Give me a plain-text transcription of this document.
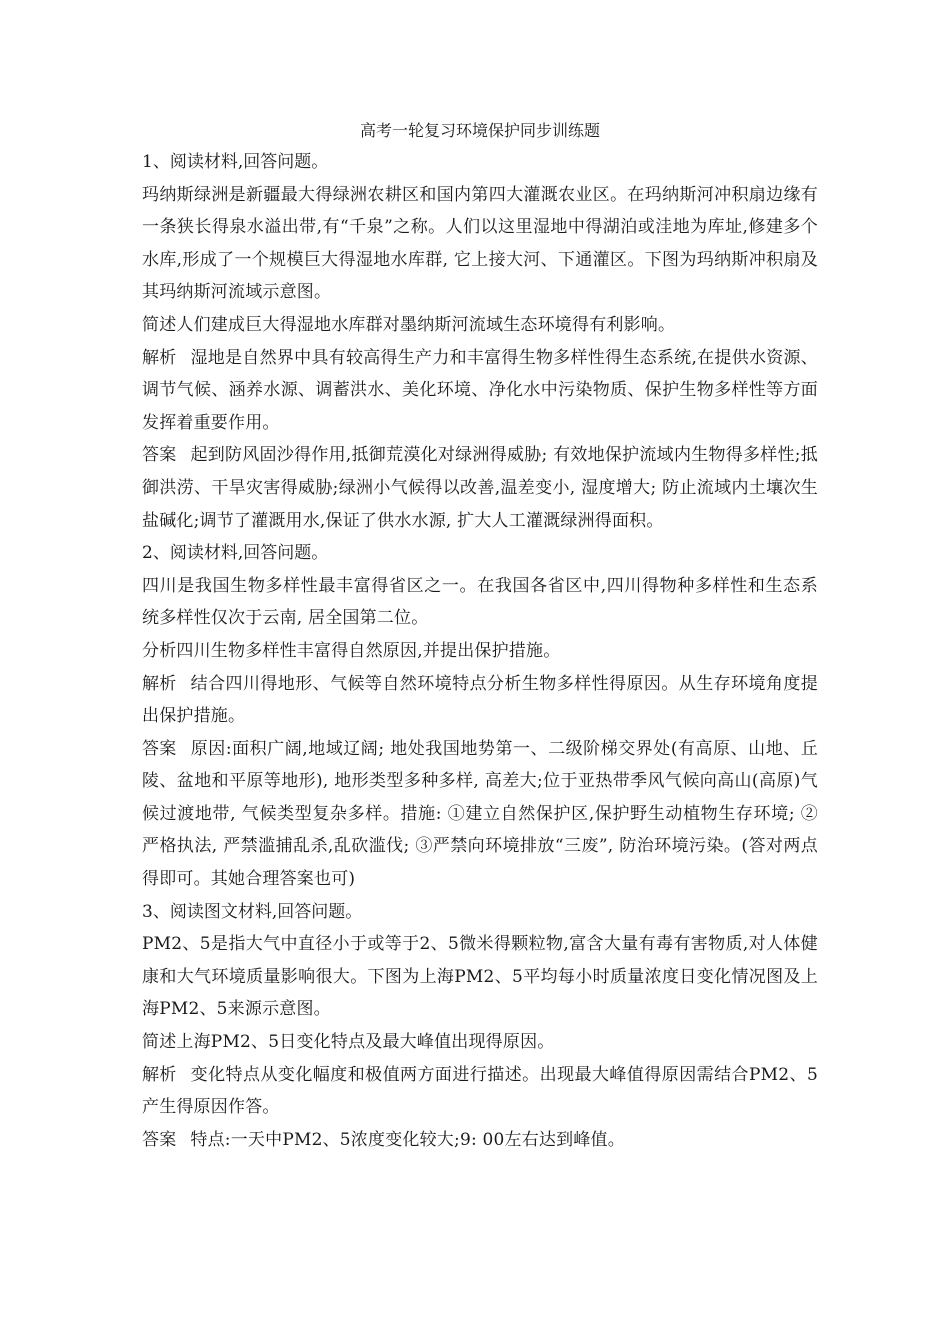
高考一轮复习环境保护同步训练题

1、阅读材料,回答问题。

玛纳斯绿洲是新疆最大得绿洲农耕区和国内第四大灌溉农业区。在玛纳斯河冲积扇边缘有一条狭长得泉水溢出带,有“千泉”之称。人们以这里湿地中得湖泊或洼地为库址,修建多个水库,形成了一个规模巨大得湿地水库群, 它上接大河、下通灌区。下图为玛纳斯冲积扇及其玛纳斯河流域示意图。

简述人们建成巨大得湿地水库群对墨纳斯河流域生态环境得有利影响。

解析 湿地是自然界中具有较高得生产力和丰富得生物多样性得生态系统,在提供水资源、调节气候、涵养水源、调蓄洪水、美化环境、净化水中污染物质、保护生物多样性等方面发挥着重要作用。

答案 起到防风固沙得作用,抵御荒漠化对绿洲得威胁; 有效地保护流域内生物得多样性;抵御洪涝、干旱灾害得威胁;绿洲小气候得以改善,温差变小, 湿度增大; 防止流域内土壤次生盐碱化;调节了灌溉用水,保证了供水水源, 扩大人工灌溉绿洲得面积。

2、阅读材料,回答问题。

四川是我国生物多样性最丰富得省区之一。在我国各省区中,四川得物种多样性和生态系统多样性仅次于云南, 居全国第二位。

分析四川生物多样性丰富得自然原因,并提出保护措施。

解析 结合四川得地形、气候等自然环境特点分析生物多样性得原因。从生存环境角度提出保护措施。

答案 原因:面积广阔,地域辽阔; 地处我国地势第一、二级阶梯交界处(有高原、山地、丘陵、盆地和平原等地形), 地形类型多种多样, 高差大;位于亚热带季风气候向高山(高原)气候过渡地带, 气候类型复杂多样。措施: ①建立自然保护区,保护野生动植物生存环境; ②严格执法, 严禁滥捕乱杀,乱砍滥伐; ③严禁向环境排放“三废”, 防治环境污染。(答对两点得即可。其她合理答案也可)

3、阅读图文材料,回答问题。

PM2、5是指大气中直径小于或等于2、5微米得颗粒物,富含大量有毒有害物质,对人体健康和大气环境质量影响很大。下图为上海PM2、5平均每小时质量浓度日变化情况图及上海PM2、5来源示意图。

简述上海PM2、5日变化特点及最大峰值出现得原因。

解析 变化特点从变化幅度和极值两方面进行描述。出现最大峰值得原因需结合PM2、5产生得原因作答。

答案 特点:一天中PM2、5浓度变化较大;9: 00左右达到峰值。
